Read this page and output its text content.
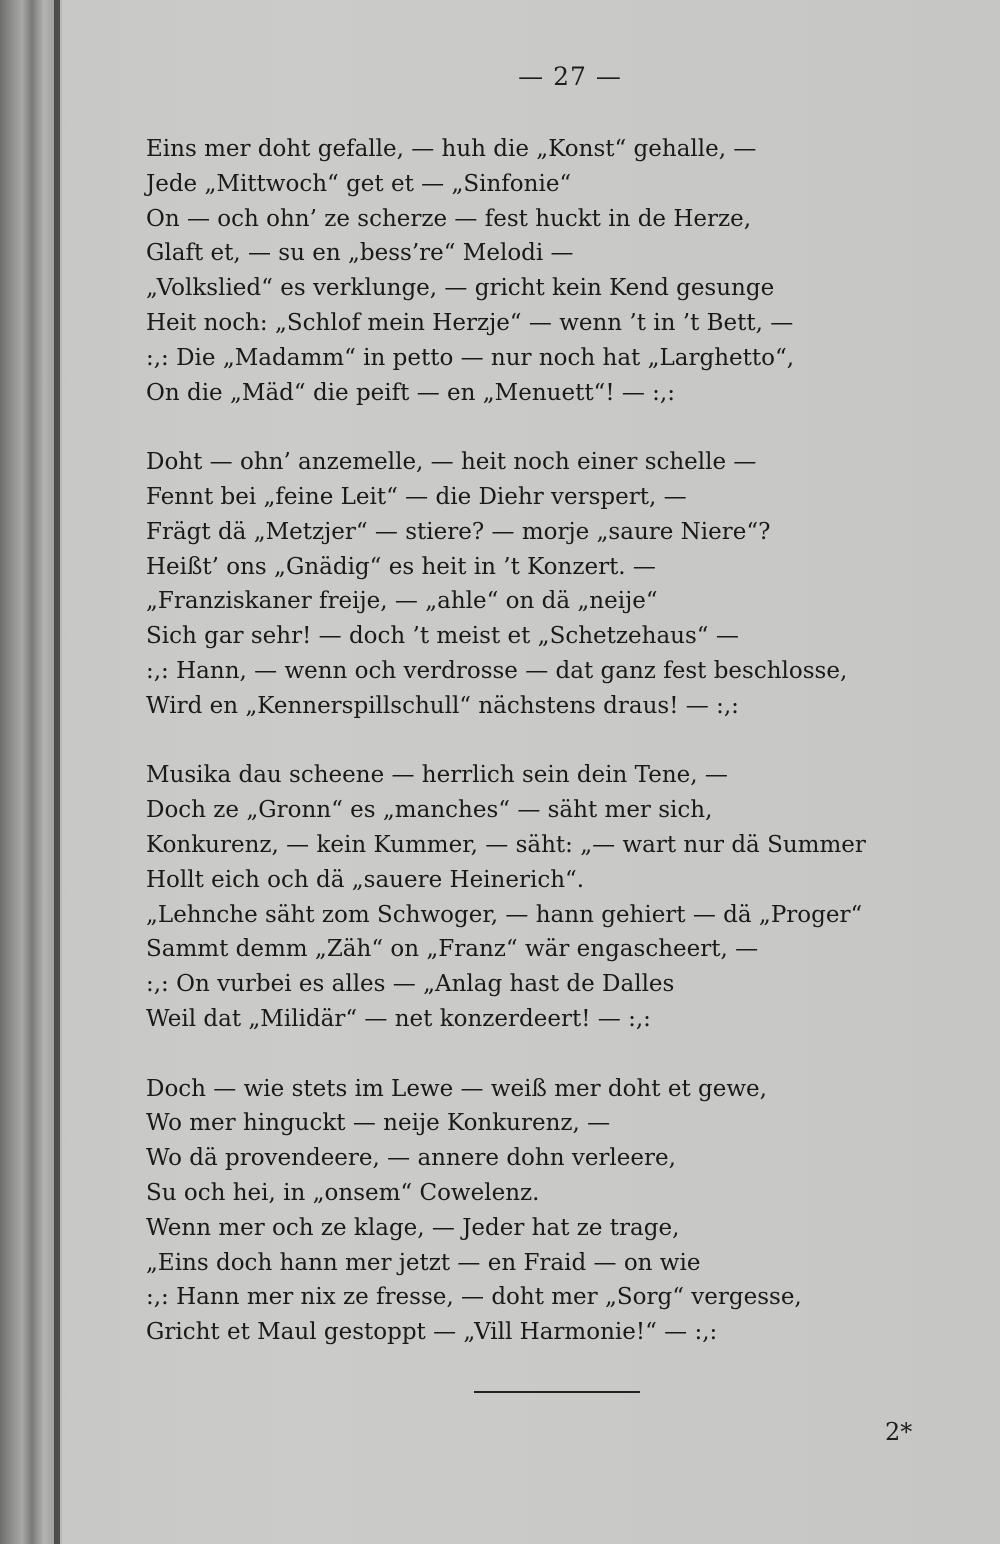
— 27 —
Eins mer doht gefalle, — huh die „Konst“ gehalle, —
Jede „Mittwoch“ get et — „Sinfonie“
On — och ohn’ ze scherze — fest huckt in de Herze,
Glaft et, — su en „bess’re“ Melodi —
„Volkslied“ es verklunge, — gricht kein Kend gesunge
Heit noch: „Schlof mein Herzje“ — wenn ’t in ’t Bett, —
:,: Die „Madamm“ in petto — nur noch hat „Larghetto“,
On die „Mäd“ die peift — en „Menuett“! — :,:
Doht — ohn’ anzemelle, — heit noch einer schelle —
Fennt bei „feine Leit“ — die Diehr verspert, —
Frägt dä „Metzjer“ — stiere? — morje „saure Niere“?
Heißt’ ons „Gnädig“ es heit in ’t Konzert. —
„Franziskaner freije, — „ahle“ on dä „neije“
Sich gar sehr! — doch ’t meist et „Schetzehaus“ —
:,: Hann, — wenn och verdrosse — dat ganz fest beschlosse,
Wird en „Kennerspillschull“ nächstens draus! — :,:
Musika dau scheene — herrlich sein dein Tene, —
Doch ze „Gronn“ es „manches“ — säht mer sich,
Konkurenz, — kein Kummer, — säht: „— wart nur dä Summer
Hollt eich och dä „sauere Heinerich“.
„Lehnche säht zom Schwoger, — hann gehiert — dä „Proger“
Sammt demm „Zäh“ on „Franz“ wär engascheert, —
:,: On vurbei es alles — „Anlag hast de Dalles
Weil dat „Milidär“ — net konzerdeert! — :,:
Doch — wie stets im Lewe — weiß mer doht et gewe,
Wo mer hinguckt — neije Konkurenz, —
Wo dä provendeere, — annere dohn verleere,
Su och hei, in „onsem“ Cowelenz.
Wenn mer och ze klage, — Jeder hat ze trage,
„Eins doch hann mer jetzt — en Fraid — on wie
:,: Hann mer nix ze fresse, — doht mer „Sorg“ vergesse,
Gricht et Maul gestoppt — „Vill Harmonie!“ — :,:
2*
